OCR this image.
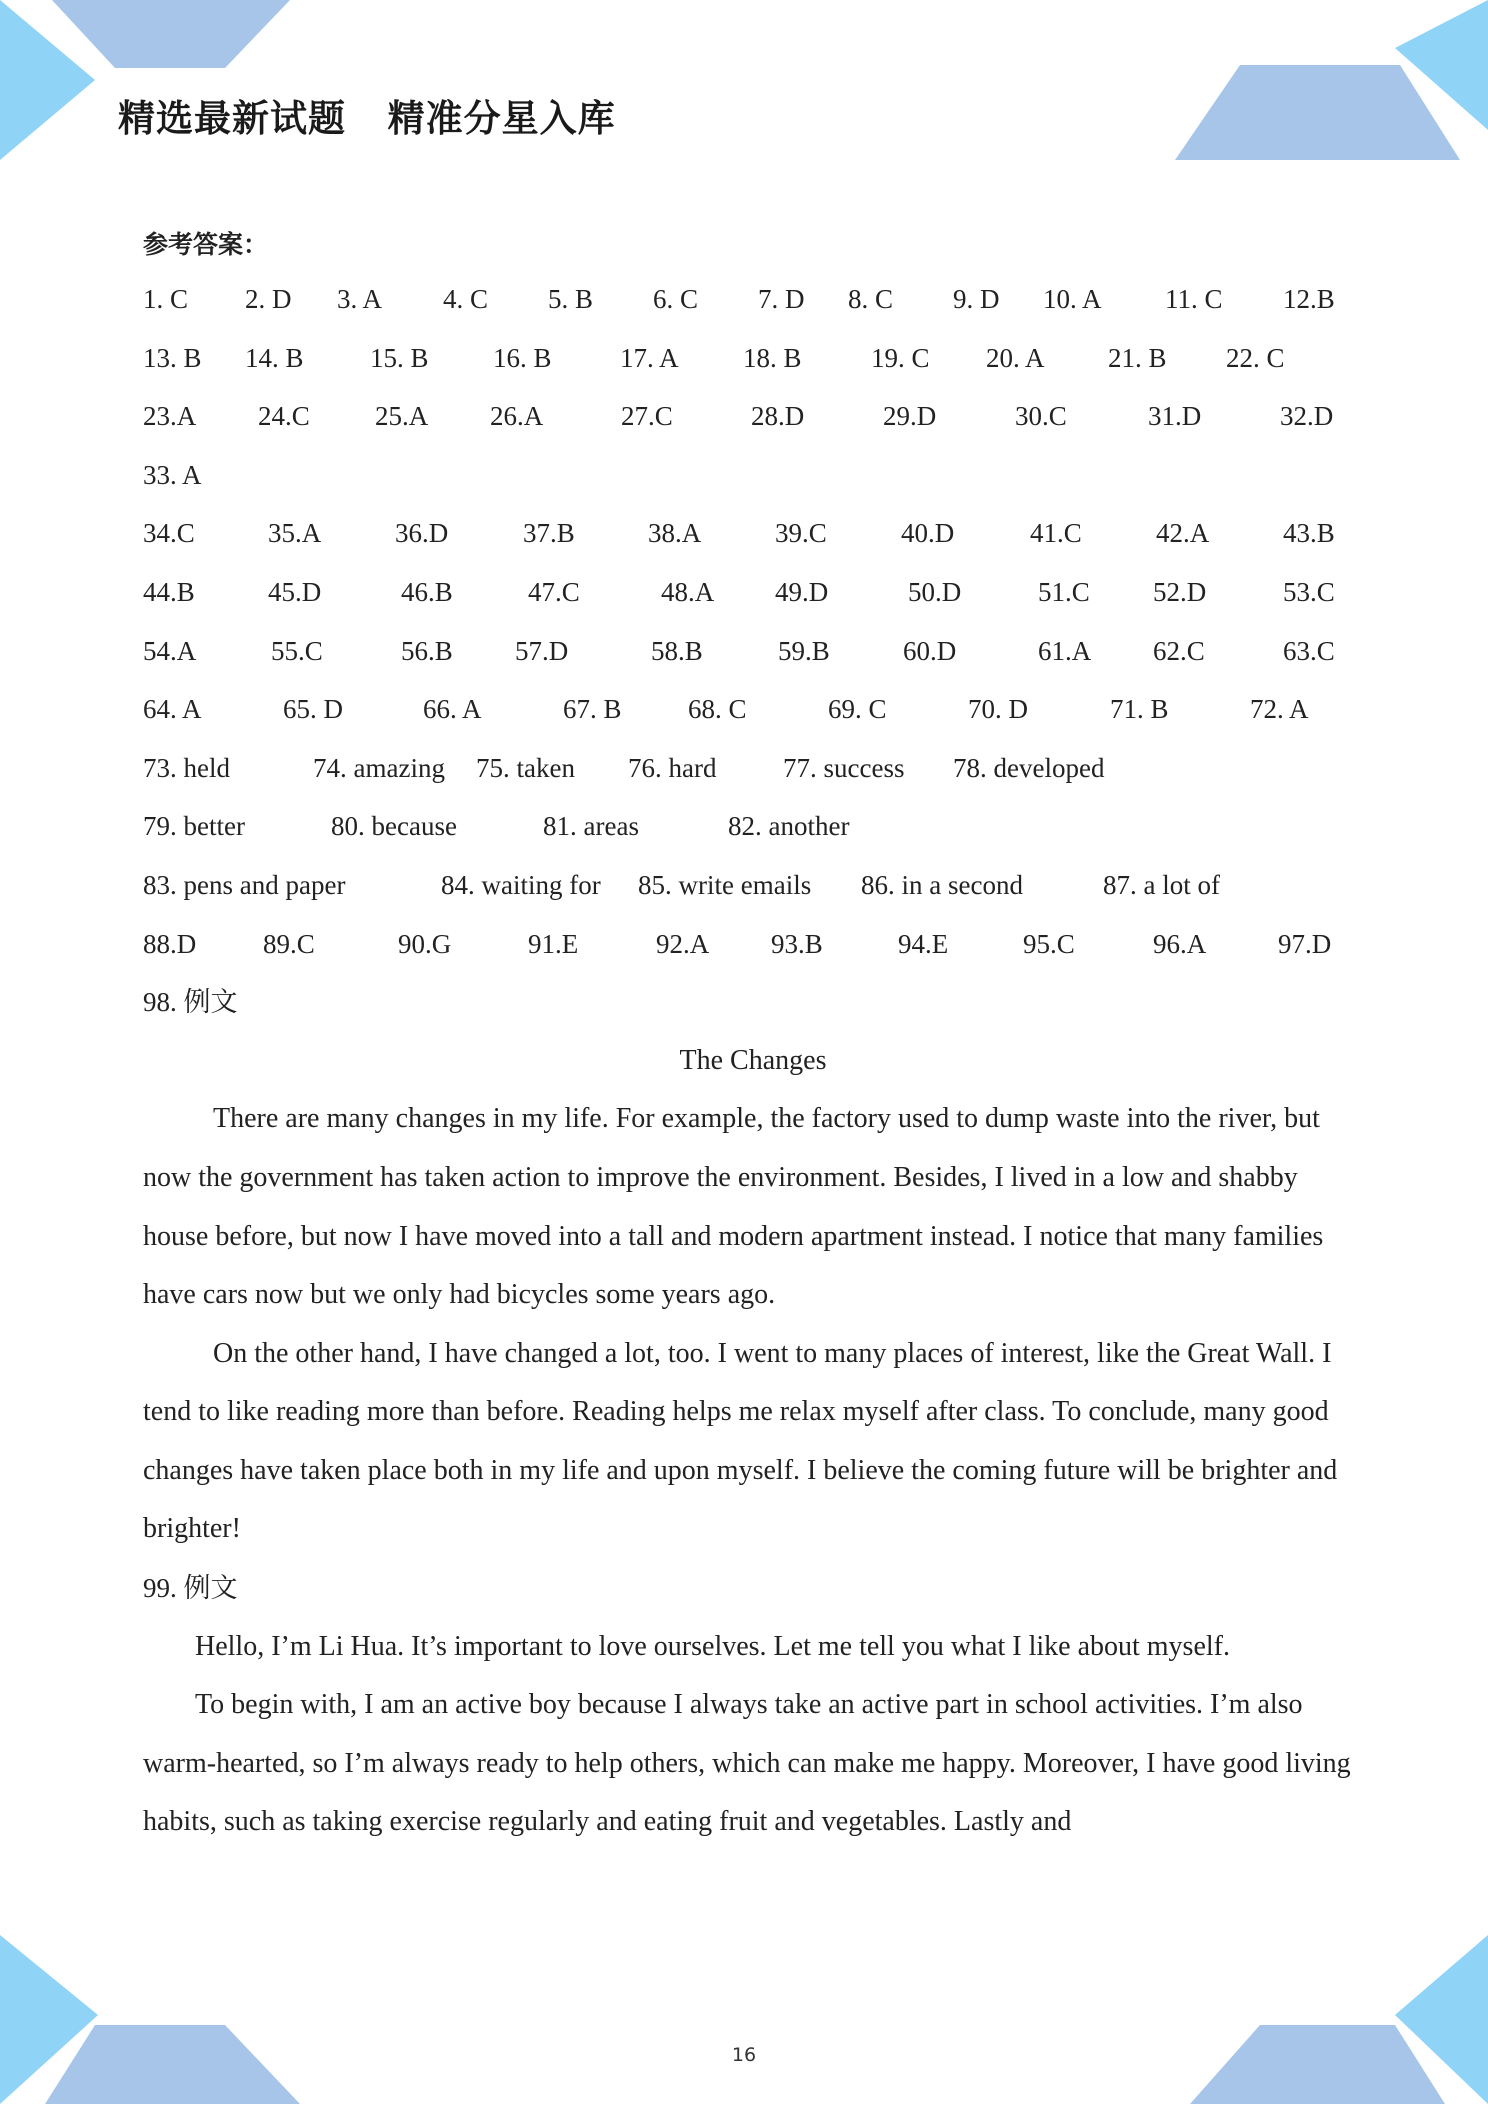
精选最新试题   精准分星入库
参考答案：
1. C 2. D 3. A 4. C 5. B 6. C 7. D 8. C 9. D 10. A 11. C 12.B
13. B 14. B 15. B 16. B	17. A 18. B	19. C 20. A 21. B 22. C
23.A 24.C 25.A 26.A	27.C	28.D	29.D	30.C	31.D	32.D
33. A
34.C	35.A	36.D	37.B	38.A	39.C	40.D	41.C	42.A	43.B
44.B	45.D	46.B	47.C	48.A 49.D	50.D	51.C 52.D	53.C
54.A	55.C	56.B 57.D	58.B	59.B	60.D	61.A 62.C	63.C
64. A	65. D	66. A	67. B 68. C	69. C	70. D	71. B	72. A
73. held	74. amazing 75. taken 76. hard 77. success 78. developed
79. better	80. because	81. areas	82. another
83. pens and paper	84. waiting for 85. write emails 86. in a second	87. a lot of
88.D 89.C	90.G	91.E	92.A 93.B	94.E	95.C	96.A	97.D
98. 例文
The Changes

There are many changes in my life. For example, the factory used to dump waste into the river, but now the government has taken action to improve the environment. Besides, I lived in a low and shabby house before, but now I have moved into a tall and modern apartment instead. I notice that many families have cars now but we only had bicycles some years ago.

On the other hand, I have changed a lot, too. I went to many places of interest, like the Great Wall. I tend to like reading more than before. Reading helps me relax myself after class. To conclude, many good changes have taken place both in my life and upon myself. I believe the coming future will be brighter and brighter!

99. 例文

Hello, I’m Li Hua. It’s important to love ourselves. Let me tell you what I like about myself.

To begin with, I am an active boy because I always take an active part in school activities. I’m also warm-hearted, so I’m always ready to help others, which can make me happy. Moreover, I have good living habits, such as taking exercise regularly and eating fruit and vegetables. Lastly and

16
